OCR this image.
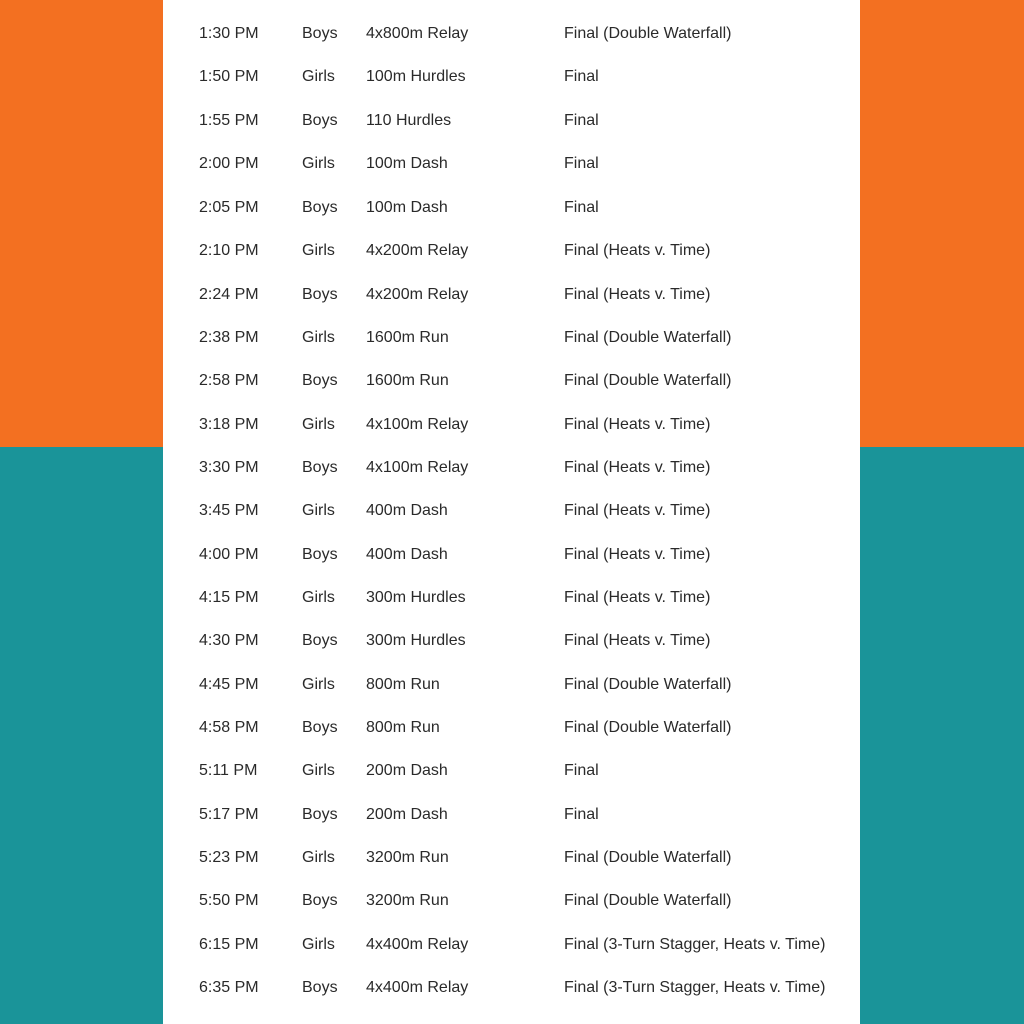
1:30 PM	Boys 4x800m Relay	Final (Double Waterfall)
1:50 PM	Girls 100m Hurdles	Final
1:55 PM	Boys 110 Hurdles	Final
2:00 PM	Girls 100m Dash	Final
2:05 PM	Boys 100m Dash	Final
2:10 PM	Girls 4x200m Relay	Final (Heats v. Time)
2:24 PM	Boys 4x200m Relay	Final (Heats v. Time)
2:38 PM	Girls 1600m Run	Final (Double Waterfall)
2:58 PM	Boys 1600m Run	Final (Double Waterfall)
3:18 PM	Girls 4x100m Relay	Final (Heats v. Time)
3:30 PM	Boys 4x100m Relay	Final (Heats v. Time)
3:45 PM	Girls 400m Dash	Final (Heats v. Time)
4:00 PM	Boys 400m Dash	Final (Heats v. Time)
4:15 PM	Girls 300m Hurdles	Final (Heats v. Time)
4:30 PM	Boys 300m Hurdles	Final (Heats v. Time)
4:45 PM	Girls 800m Run	Final (Double Waterfall)
4:58 PM	Boys 800m Run	Final (Double Waterfall)
5:11 PM	Girls 200m Dash	Final
5:17 PM	Boys 200m Dash	Final
5:23 PM	Girls 3200m Run	Final (Double Waterfall)
5:50 PM	Boys 3200m Run	Final (Double Waterfall)
6:15 PM	Girls 4x400m Relay	Final (3-Turn Stagger, Heats v. Time)
6:35 PM	Boys 4x400m Relay	Final (3-Turn Stagger, Heats v. Time)
